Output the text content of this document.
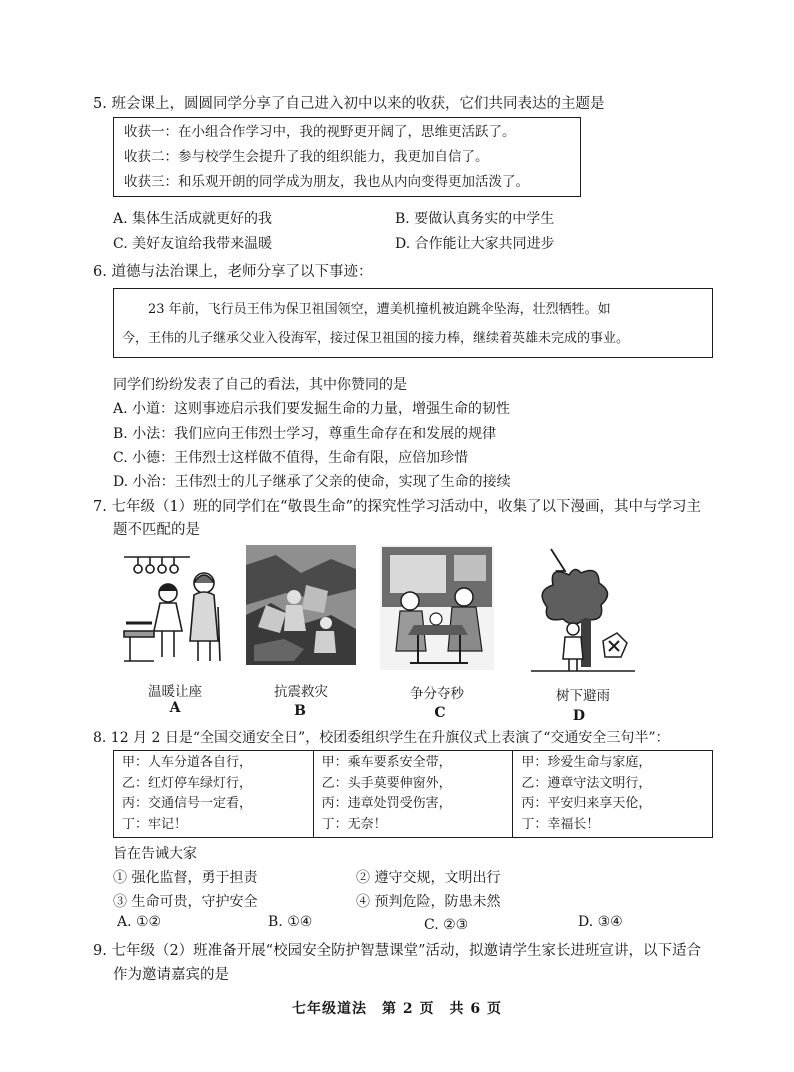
5. 班会课上，圆圆同学分享了自己进入初中以来的收获，它们共同表达的主题是
收获一：在小组合作学习中，我的视野更开阔了，思维更活跃了。
收获二：参与校学生会提升了我的组织能力，我更加自信了。
收获三：和乐观开朗的同学成为朋友，我也从内向变得更加活泼了。
A. 集体生活成就更好的我	B. 要做认真务实的中学生
C. 美好友谊给我带来温暖	D. 合作能让大家共同进步
6. 道德与法治课上，老师分享了以下事迹：
23 年前，飞行员王伟为保卫祖国领空，遭美机撞机被迫跳伞坠海，壮烈牺牲。如
今，王伟的儿子继承父业入役海军，接过保卫祖国的接力棒，继续着英雄未完成的事业。
同学们纷纷发表了自己的看法，其中你赞同的是
A. 小道：这则事迹启示我们要发掘生命的力量，增强生命的韧性
B. 小法：我们应向王伟烈士学习，尊重生命存在和发展的规律
C. 小德：王伟烈士这样做不值得，生命有限，应倍加珍惜
D. 小治：王伟烈士的儿子继承了父亲的使命，实现了生命的接续
7. 七年级（1）班的同学们在“敬畏生命”的探究性学习活动中，收集了以下漫画，其中与学习主
题不匹配的是
温暖让座	抗震救灾	争分夺秒	树下避雨
A	B	C	D
8. 12 月 2 日是“全国交通安全日”，校团委组织学生在升旗仪式上表演了“交通安全三句半”：
甲：人车分道各自行，
乙：红灯停车绿灯行，
丙：交通信号一定看，
丁：牢记！
甲：乘车要系安全带，
乙：头手莫要伸窗外，
丙：违章处罚受伤害，
丁：无奈！
甲：珍爱生命与家庭，
乙：遵章守法文明行，
丙：平安归来享天伦，
丁：幸福长！
旨在告诫大家
① 强化监督，勇于担责	② 遵守交规，文明出行
③ 生命可贵，守护安全	④ 预判危险，防患未然
A. ①②	B. ①④	C. ②③	D. ③④
9. 七年级（2）班准备开展“校园安全防护智慧课堂”活动，拟邀请学生家长进班宣讲，以下适合
作为邀请嘉宾的是
七年级道法　第 2 页　共 6 页
